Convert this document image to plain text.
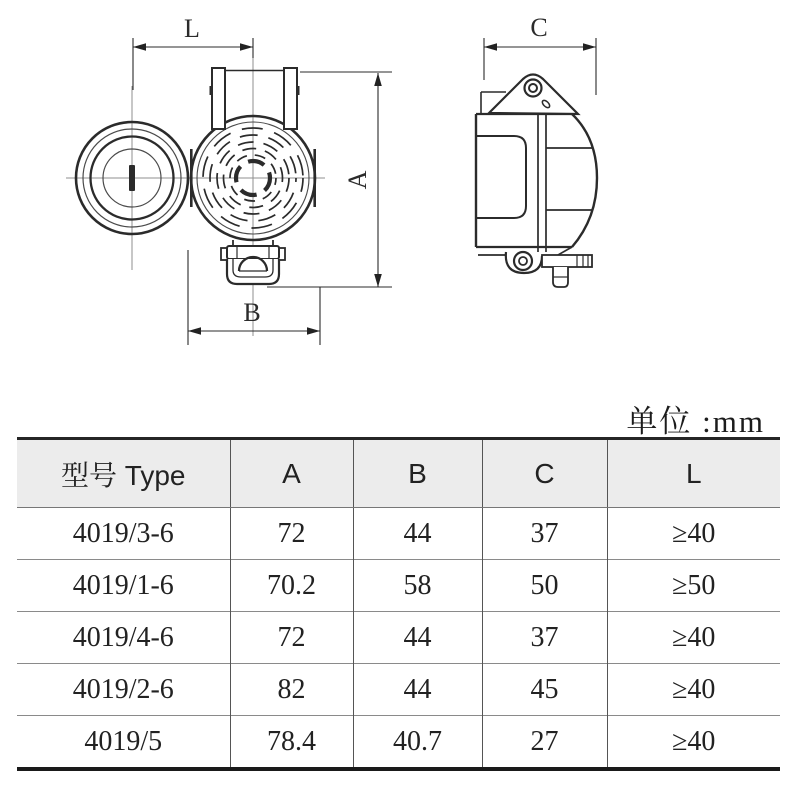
L
A
B
C
单位 :mm
型号 Type	A	B	C	L
4019/3-6	72	44	37	≥40
4019/1-6	70.2	58	50	≥50
4019/4-6	72	44	37	≥40
4019/2-6	82	44	45	≥40
4019/5	78.4	40.7	27	≥40
